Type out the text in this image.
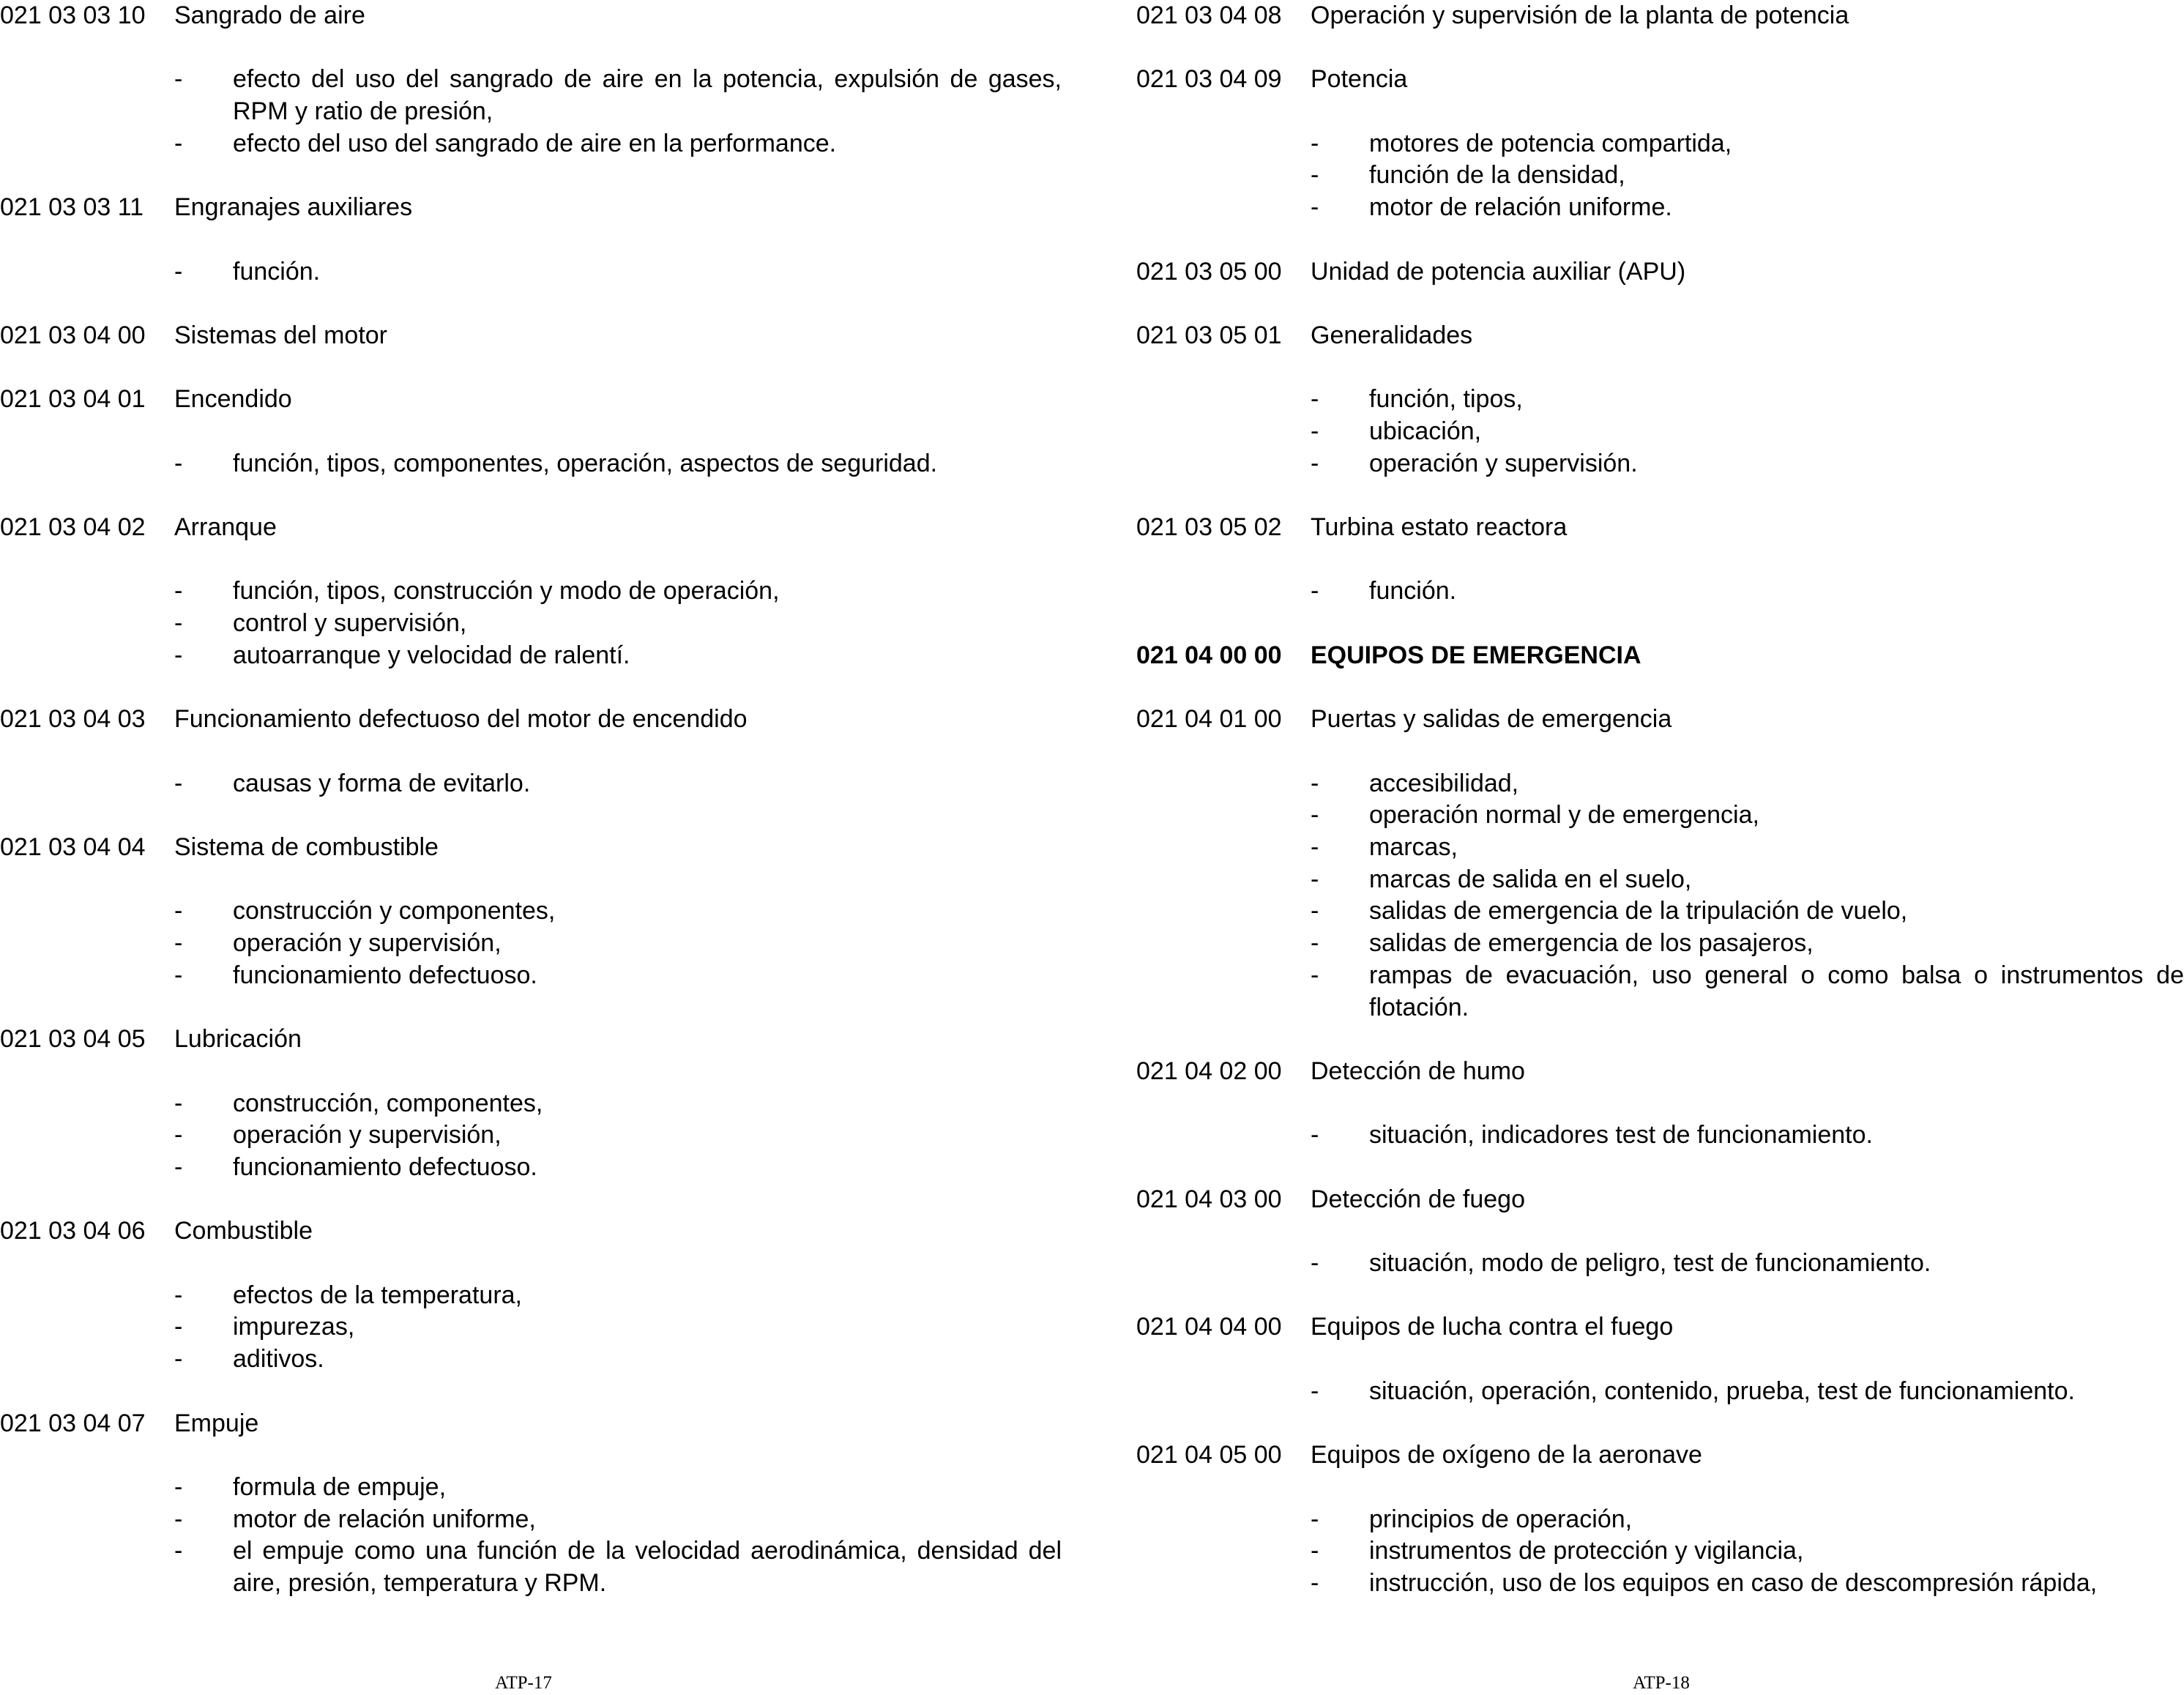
021 03 03 10 Sangrado de aire
- efecto del uso del sangrado de aire en la potencia, expulsión de gases, RPM y ratio de presión,
- efecto del uso del sangrado de aire en la performance.
021 03 03 11 Engranajes auxiliares
- función.
021 03 04 00 Sistemas del motor
021 03 04 01 Encendido
- función, tipos, componentes, operación, aspectos de seguridad.
021 03 04 02 Arranque
- función, tipos, construcción y modo de operación,
- control y supervisión,
- autoarranque y velocidad de ralentí.
021 03 04 03 Funcionamiento defectuoso del motor de encendido
- causas y forma de evitarlo.
021 03 04 04 Sistema de combustible
- construcción y componentes,
- operación y supervisión,
- funcionamiento defectuoso.
021 03 04 05 Lubricación
- construcción, componentes,
- operación y supervisión,
- funcionamiento defectuoso.
021 03 04 06 Combustible
- efectos de la temperatura,
- impurezas,
- aditivos.
021 03 04 07 Empuje
- formula de empuje,
- motor de relación uniforme,
- el empuje como una función de la velocidad aerodinámica, densidad del aire, presión, temperatura y RPM.
021 03 04 08 Operación y supervisión de la planta de potencia
021 03 04 09 Potencia
- motores de potencia compartida,
- función de la densidad,
- motor de relación uniforme.
021 03 05 00 Unidad de potencia auxiliar (APU)
021 03 05 01 Generalidades
- función, tipos,
- ubicación,
- operación y supervisión.
021 03 05 02 Turbina estato reactora
- función.
021 04 00 00 EQUIPOS DE EMERGENCIA
021 04 01 00 Puertas y salidas de emergencia
- accesibilidad,
- operación normal y de emergencia,
- marcas,
- marcas de salida en el suelo,
- salidas de emergencia de la tripulación de vuelo,
- salidas de emergencia de los pasajeros,
- rampas de evacuación, uso general o como balsa o instrumentos de flotación.
021 04 02 00 Detección de humo
- situación, indicadores test de funcionamiento.
021 04 03 00 Detección de fuego
- situación, modo de peligro, test de funcionamiento.
021 04 04 00 Equipos de lucha contra el fuego
- situación, operación, contenido, prueba, test de funcionamiento.
021 04 05 00 Equipos de oxígeno de la aeronave
- principios de operación,
- instrumentos de protección y vigilancia,
- instrucción, uso de los equipos en caso de descompresión rápida,
ATP-17	ATP-18
